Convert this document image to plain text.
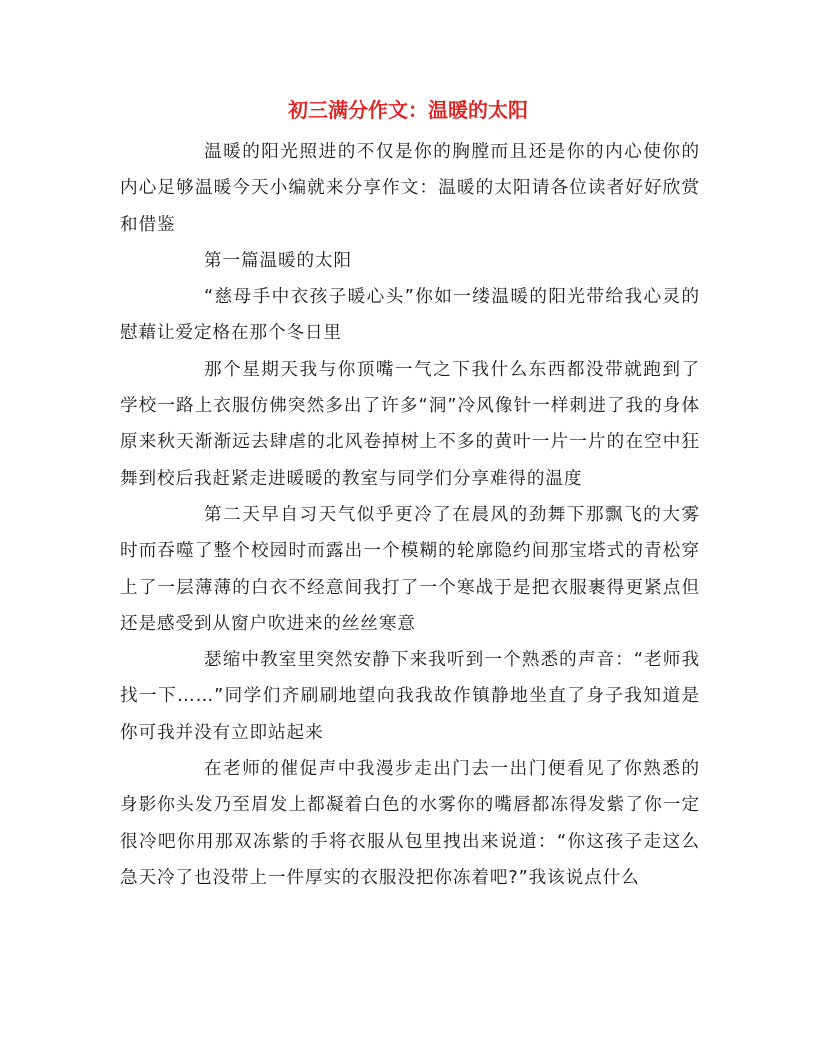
初三满分作文：温暖的太阳

温暖的阳光照进的不仅是你的胸膛而且还是你的内心使你的内心足够温暖今天小编就来分享作文：温暖的太阳请各位读者好好欣赏和借鉴

第一篇温暖的太阳

“慈母手中衣孩子暖心头”你如一缕温暖的阳光带给我心灵的慰藉让爱定格在那个冬日里

那个星期天我与你顶嘴一气之下我什么东西都没带就跑到了学校一路上衣服仿佛突然多出了许多“洞”冷风像针一样刺进了我的身体原来秋天渐渐远去肆虐的北风卷掉树上不多的黄叶一片一片的在空中狂舞到校后我赶紧走进暖暖的教室与同学们分享难得的温度

第二天早自习天气似乎更冷了在晨风的劲舞下那飘飞的大雾时而吞噬了整个校园时而露出一个模糊的轮廓隐约间那宝塔式的青松穿上了一层薄薄的白衣不经意间我打了一个寒战于是把衣服裹得更紧点但还是感受到从窗户吹进来的丝丝寒意

瑟缩中教室里突然安静下来我听到一个熟悉的声音：“老师我找一下……”同学们齐刷刷地望向我我故作镇静地坐直了身子我知道是你可我并没有立即站起来

在老师的催促声中我漫步走出门去一出门便看见了你熟悉的身影你头发乃至眉发上都凝着白色的水雾你的嘴唇都冻得发紫了你一定很冷吧你用那双冻紫的手将衣服从包里拽出来说道：“你这孩子走这么急天冷了也没带上一件厚实的衣服没把你冻着吧?”我该说点什么
